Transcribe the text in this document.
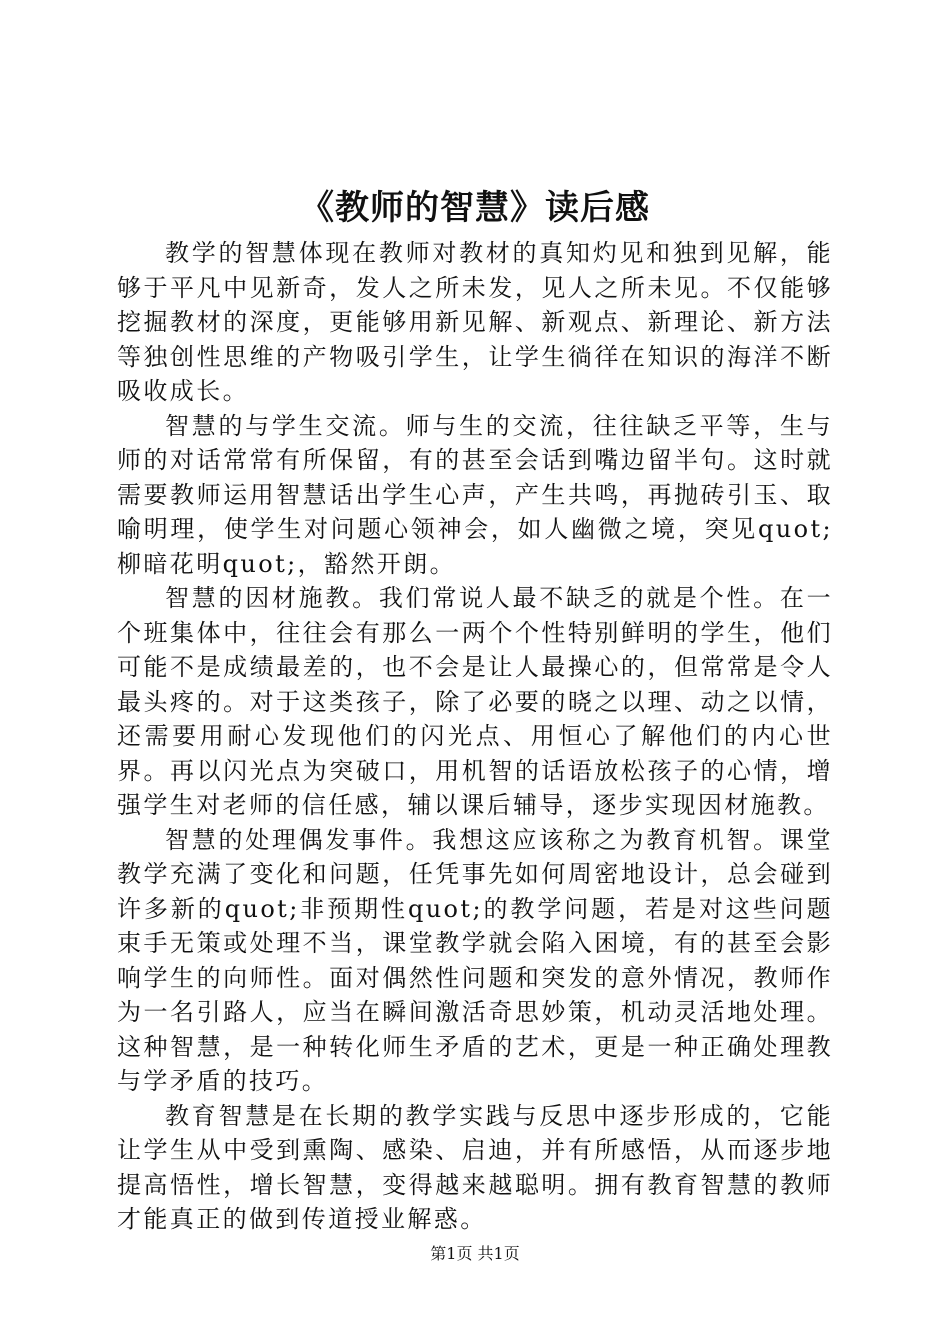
《教师的智慧》读后感

教学的智慧体现在教师对教材的真知灼见和独到见解，能够于平凡中见新奇，发人之所未发，见人之所未见。不仅能够挖掘教材的深度，更能够用新见解、新观点、新理论、新方法等独创性思维的产物吸引学生，让学生徜徉在知识的海洋不断吸收成长。

智慧的与学生交流。师与生的交流，往往缺乏平等，生与师的对话常常有所保留，有的甚至会话到嘴边留半句。这时就需要教师运用智慧话出学生心声，产生共鸣，再抛砖引玉、取喻明理，使学生对问题心领神会，如人幽微之境，突见quot;柳暗花明quot;，豁然开朗。

智慧的因材施教。我们常说人最不缺乏的就是个性。在一个班集体中，往往会有那么一两个个性特别鲜明的学生，他们可能不是成绩最差的，也不会是让人最操心的，但常常是令人最头疼的。对于这类孩子，除了必要的晓之以理、动之以情，还需要用耐心发现他们的闪光点、用恒心了解他们的内心世界。再以闪光点为突破口，用机智的话语放松孩子的心情，增强学生对老师的信任感，辅以课后辅导，逐步实现因材施教。

智慧的处理偶发事件。我想这应该称之为教育机智。课堂教学充满了变化和问题，任凭事先如何周密地设计，总会碰到许多新的quot;非预期性quot;的教学问题，若是对这些问题束手无策或处理不当，课堂教学就会陷入困境，有的甚至会影响学生的向师性。面对偶然性问题和突发的意外情况，教师作为一名引路人，应当在瞬间激活奇思妙策，机动灵活地处理。这种智慧，是一种转化师生矛盾的艺术，更是一种正确处理教与学矛盾的技巧。

教育智慧是在长期的教学实践与反思中逐步形成的，它能让学生从中受到熏陶、感染、启迪，并有所感悟，从而逐步地提高悟性，增长智慧，变得越来越聪明。拥有教育智慧的教师才能真正的做到传道授业解惑。

第1页 共1页
